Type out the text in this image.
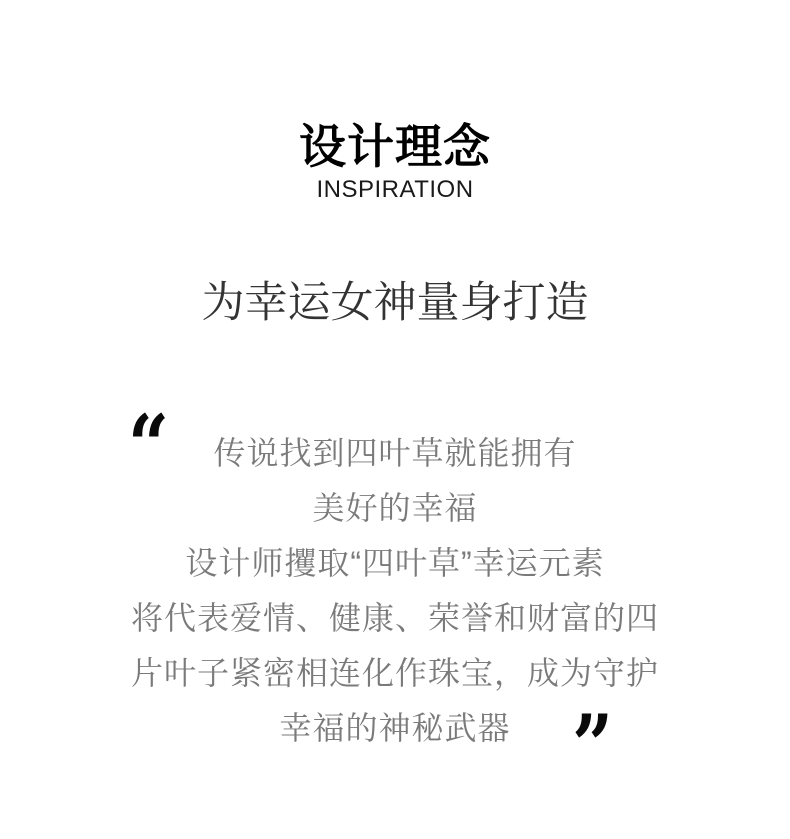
设计理念
INSPIRATION
为幸运女神量身打造
“	传说找到四叶草就能拥有
美好的幸福
设计师攫取“四叶草”幸运元素
将代表爱情、健康、荣誉和财富的四
片叶子紧密相连化作珠宝，成为守护
幸福的神秘武器 ”
